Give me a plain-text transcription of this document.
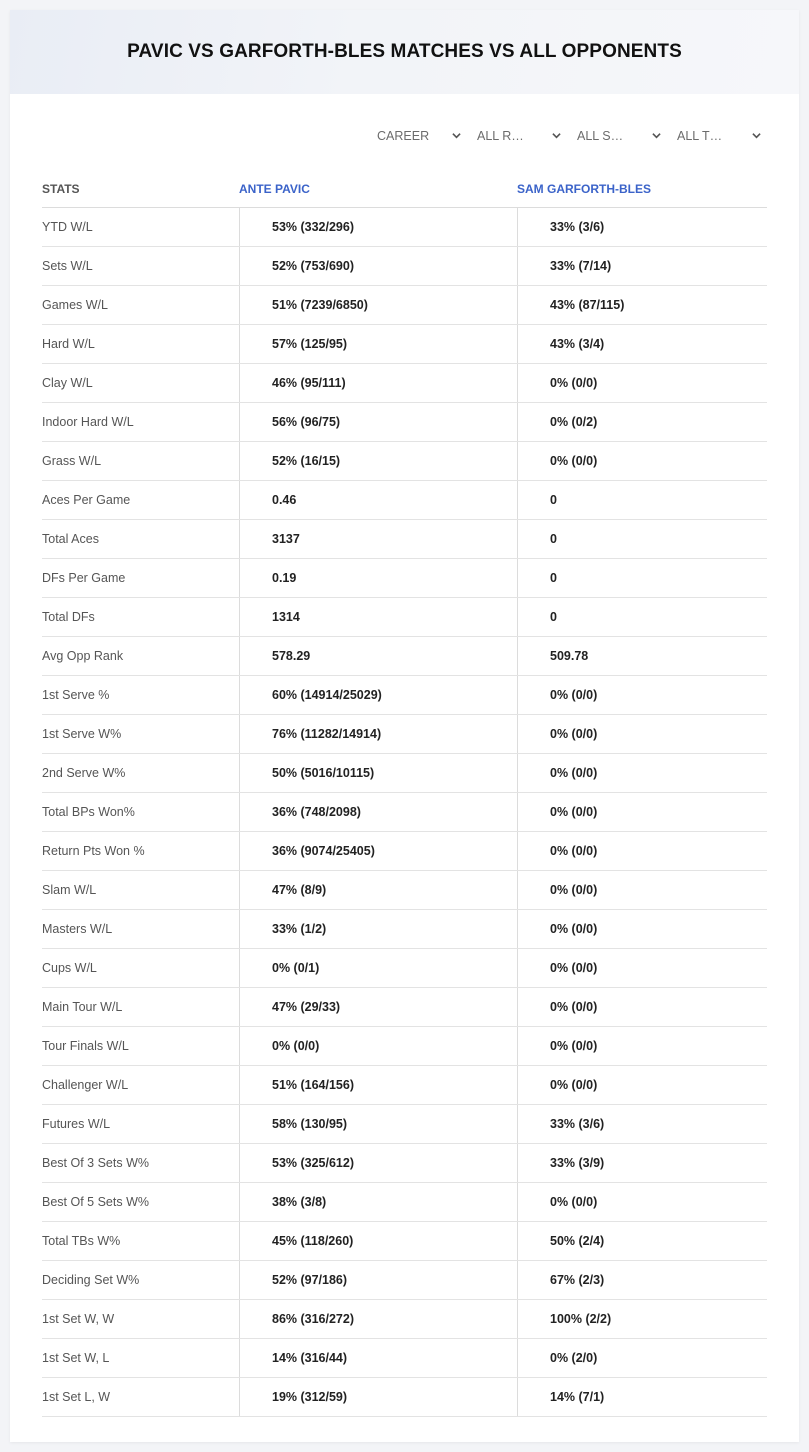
PAVIC VS GARFORTH-BLES MATCHES VS ALL OPPONENTS
CAREER	ALL R…	ALL S…	ALL T…
STATS	ANTE PAVIC	SAM GARFORTH-BLES
YTD W/L	53% (332/296)	33% (3/6)
Sets W/L	52% (753/690)	33% (7/14)
Games W/L	51% (7239/6850)	43% (87/115)
Hard W/L	57% (125/95)	43% (3/4)
Clay W/L	46% (95/111)	0% (0/0)
Indoor Hard W/L	56% (96/75)	0% (0/2)
Grass W/L	52% (16/15)	0% (0/0)
Aces Per Game	0.46	0
Total Aces	3137	0
DFs Per Game	0.19	0
Total DFs	1314	0
Avg Opp Rank	578.29	509.78
1st Serve %	60% (14914/25029)	0% (0/0)
1st Serve W%	76% (11282/14914)	0% (0/0)
2nd Serve W%	50% (5016/10115)	0% (0/0)
Total BPs Won%	36% (748/2098)	0% (0/0)
Return Pts Won %	36% (9074/25405)	0% (0/0)
Slam W/L	47% (8/9)	0% (0/0)
Masters W/L	33% (1/2)	0% (0/0)
Cups W/L	0% (0/1)	0% (0/0)
Main Tour W/L	47% (29/33)	0% (0/0)
Tour Finals W/L	0% (0/0)	0% (0/0)
Challenger W/L	51% (164/156)	0% (0/0)
Futures W/L	58% (130/95)	33% (3/6)
Best Of 3 Sets W%	53% (325/612)	33% (3/9)
Best Of 5 Sets W%	38% (3/8)	0% (0/0)
Total TBs W%	45% (118/260)	50% (2/4)
Deciding Set W%	52% (97/186)	67% (2/3)
1st Set W, W	86% (316/272)	100% (2/2)
1st Set W, L	14% (316/44)	0% (2/0)
1st Set L, W	19% (312/59)	14% (7/1)
